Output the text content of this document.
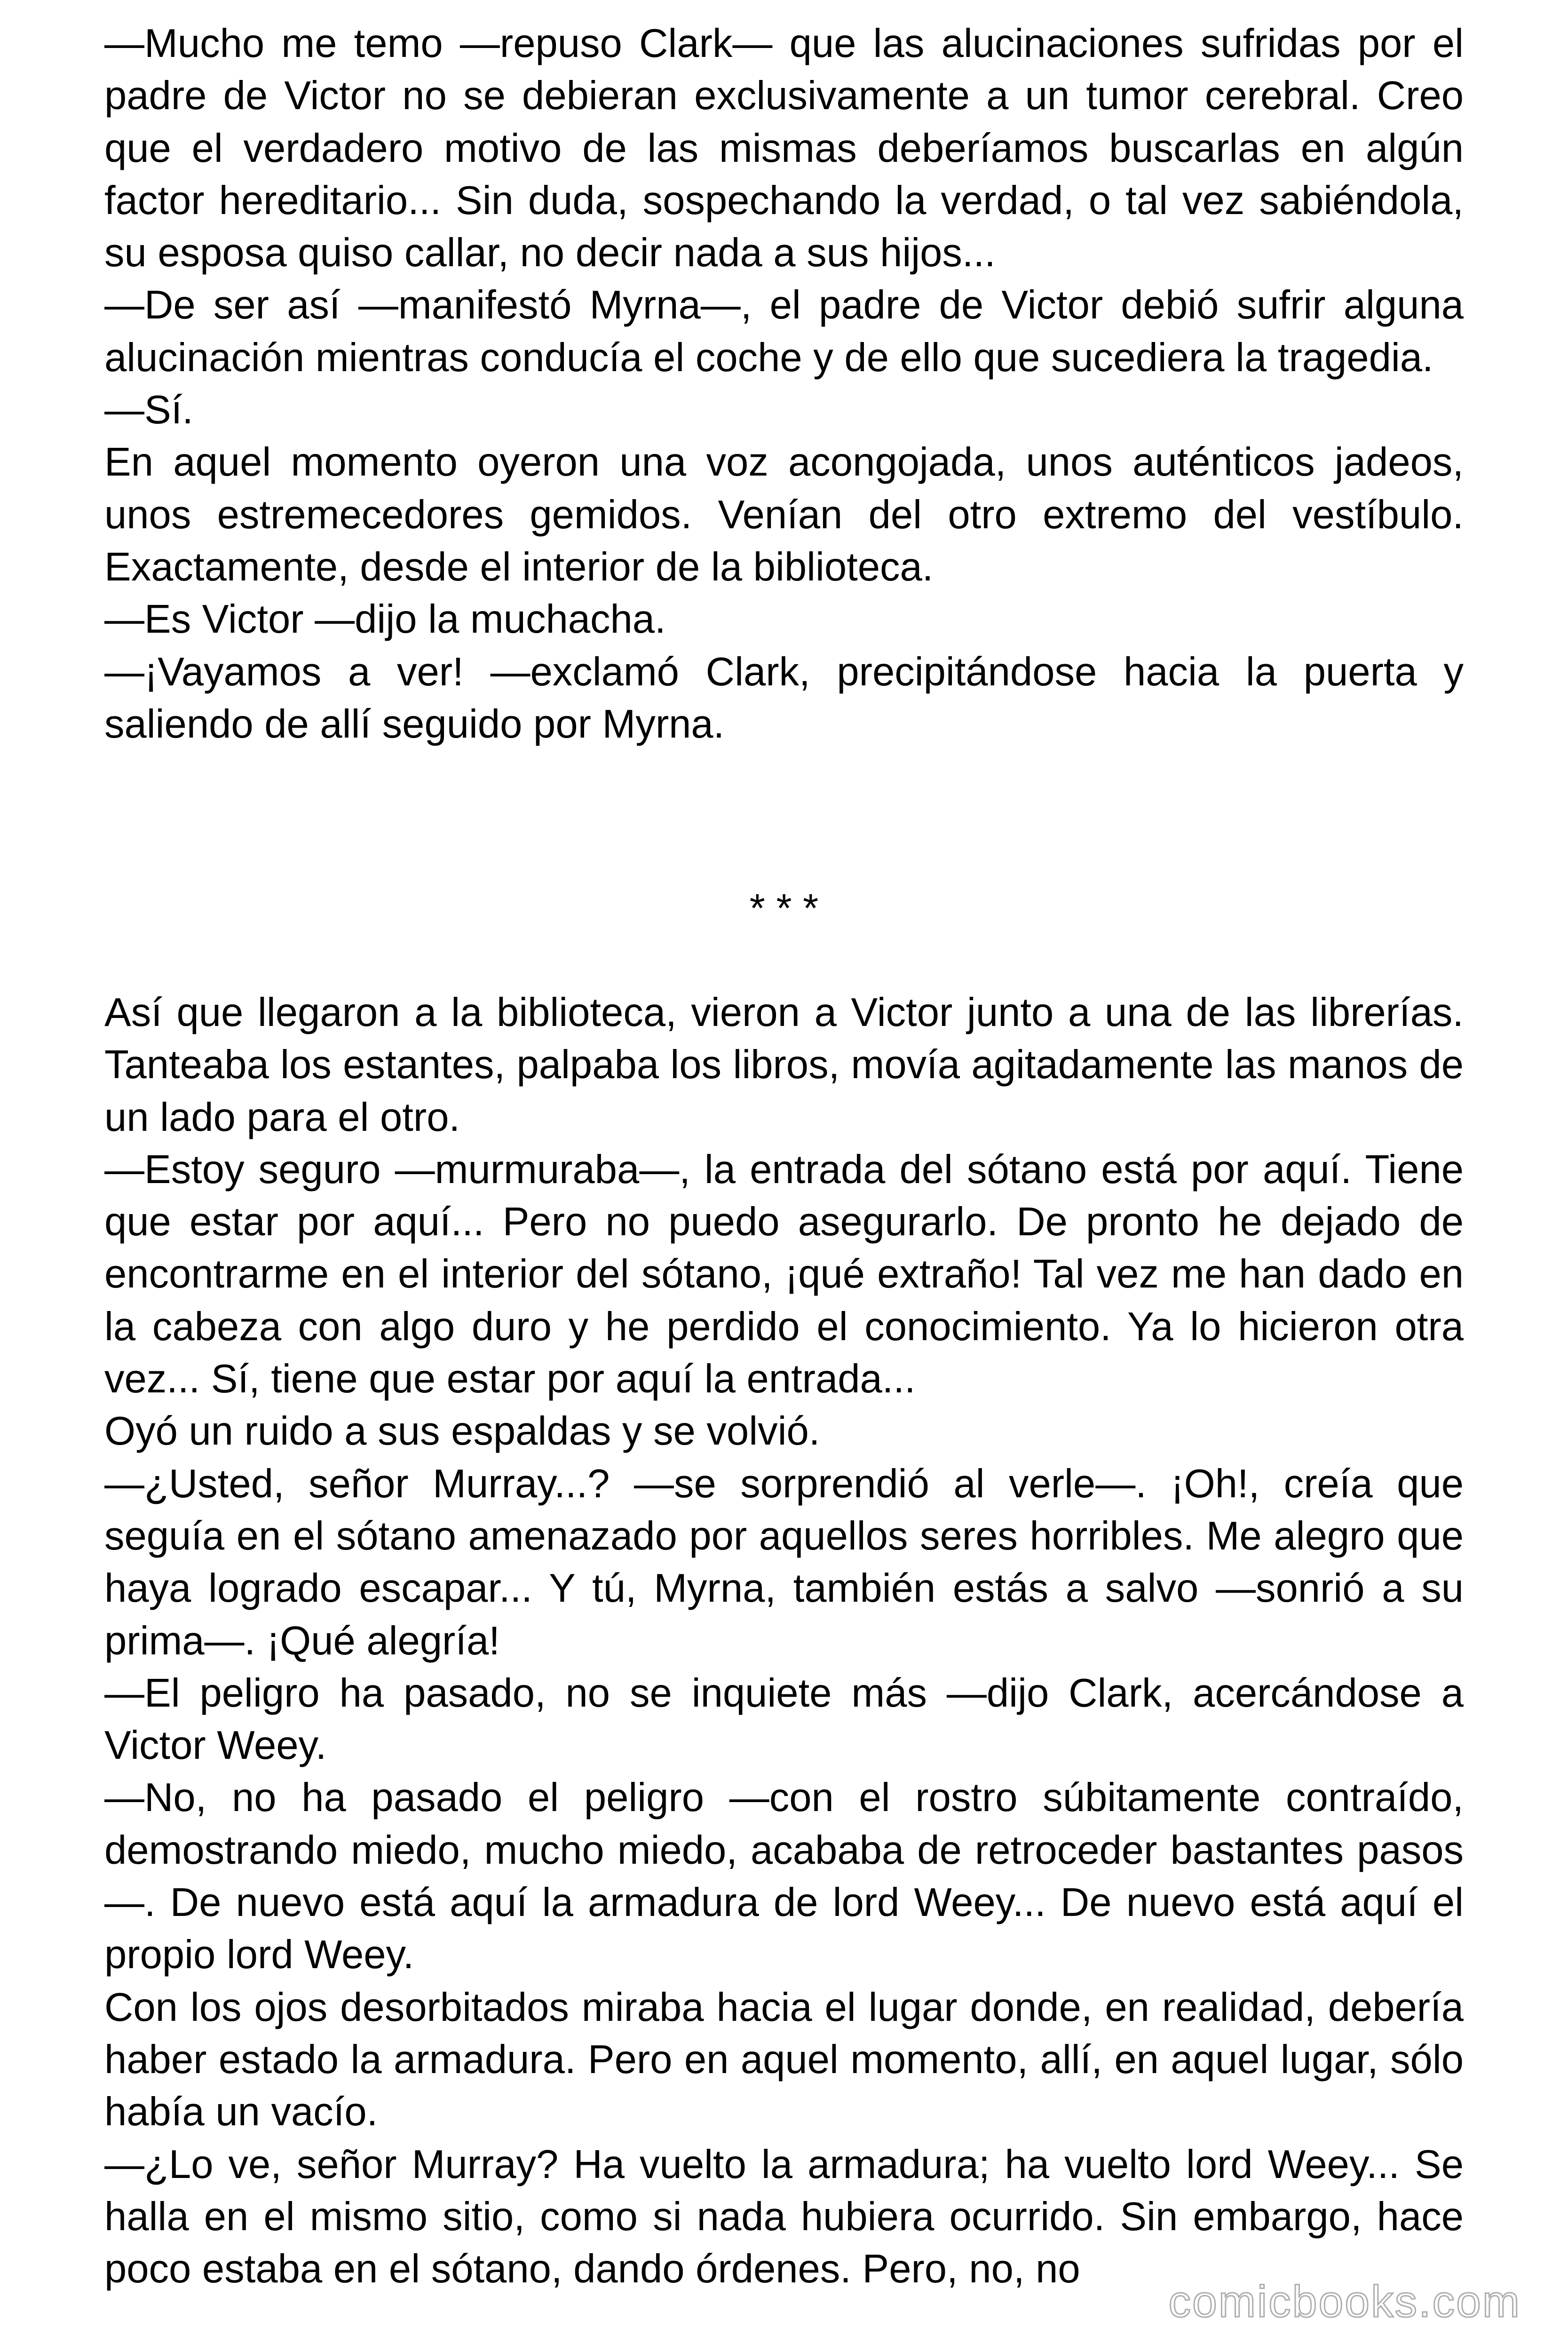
—Mucho me temo —repuso Clark— que las alucinaciones sufridas por el padre de Victor no se debieran exclusivamente a un tumor cerebral. Creo que el verdadero motivo de las mismas deberíamos buscarlas en algún factor hereditario... Sin duda, sospechando la verdad, o tal vez sabiéndola, su esposa quiso callar, no decir nada a sus hijos...

—De ser así —manifestó Myrna—, el padre de Victor debió sufrir alguna alucinación mientras conducía el coche y de ello que sucediera la tragedia.

—Sí.

En aquel momento oyeron una voz acongojada, unos auténticos jadeos, unos estremecedores gemidos. Venían del otro extremo del vestíbulo. Exactamente, desde el interior de la biblioteca.

—Es Victor —dijo la muchacha.

—¡Vayamos a ver! —exclamó Clark, precipitándose hacia la puerta y saliendo de allí seguido por Myrna.

* * *

Así que llegaron a la biblioteca, vieron a Victor junto a una de las librerías. Tanteaba los estantes, palpaba los libros, movía agitadamente las manos de un lado para el otro.

—Estoy seguro —murmuraba—, la entrada del sótano está por aquí. Tiene que estar por aquí... Pero no puedo asegurarlo. De pronto he dejado de encontrarme en el interior del sótano, ¡qué extraño! Tal vez me han dado en la cabeza con algo duro y he perdido el conocimiento. Ya lo hicieron otra vez... Sí, tiene que estar por aquí la entrada...

Oyó un ruido a sus espaldas y se volvió.

—¿Usted, señor Murray...? —se sorprendió al verle—. ¡Oh!, creía que seguía en el sótano amenazado por aquellos seres horribles. Me alegro que haya logrado escapar... Y tú, Myrna, también estás a salvo —sonrió a su prima—. ¡Qué alegría!

—El peligro ha pasado, no se inquiete más —dijo Clark, acercándose a Victor Weey.

—No, no ha pasado el peligro —con el rostro súbitamente contraído, demostrando miedo, mucho miedo, acababa de retroceder bastantes pasos—. De nuevo está aquí la armadura de lord Weey... De nuevo está aquí el propio lord Weey.

Con los ojos desorbitados miraba hacia el lugar donde, en realidad, debería haber estado la armadura. Pero en aquel momento, allí, en aquel lugar, sólo había un vacío.

—¿Lo ve, señor Murray? Ha vuelto la armadura; ha vuelto lord Weey... Se halla en el mismo sitio, como si nada hubiera ocurrido. Sin embargo, hace poco estaba en el sótano, dando órdenes. Pero, no, no

comicbooks.com
